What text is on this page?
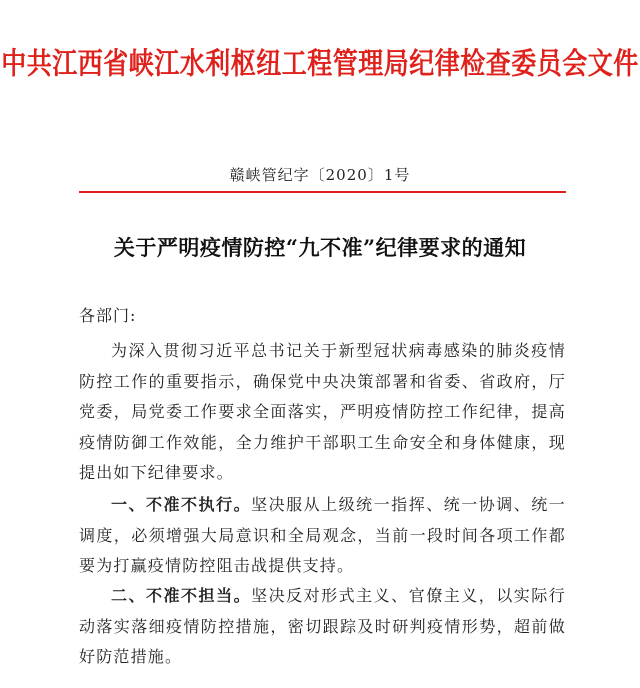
中共江西省峡江水利枢纽工程管理局纪律检查委员会文件
赣峡管纪字〔2020〕1号
关于严明疫情防控“九不准”纪律要求的通知
各部门:

为深入贯彻习近平总书记关于新型冠状病毒感染的肺炎疫情防控工作的重要指示，确保党中央决策部署和省委、省政府，厅党委，局党委工作要求全面落实，严明疫情防控工作纪律，提高疫情防御工作效能，全力维护干部职工生命安全和身体健康，现提出如下纪律要求。

一、不准不执行。坚决服从上级统一指挥、统一协调、统一调度，必须增强大局意识和全局观念，当前一段时间各项工作都要为打赢疫情防控阻击战提供支持。

二、不准不担当。坚决反对形式主义、官僚主义，以实际行动落实落细疫情防控措施，密切跟踪及时研判疫情形势，超前做好防范措施。
